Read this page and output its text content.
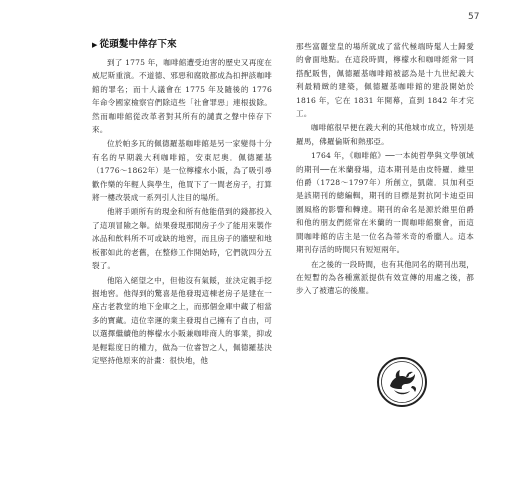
57
▶ 從頭髮中倖存下來

到了 1775 年，咖啡館遭受迫害的歷史又再度在威尼斯重演。不道德、邪惡和腐敗都成為扣押該咖啡館的罪名；而十人議會在 1775 年及隨後的 1776 年命令國家檢察官們除這些「社會罪惡」連根拔除。然而咖啡館從改革者對其所有的譴責之聲中倖存下來。

位於帕多瓦的佩德羅基咖啡館是另一家變得十分有名的早期義大利咖啡館，安東尼奧．佩德羅基（1776～1862年）是一位檸檬水小販，為了吸引尋歡作樂的年輕人與學生，他買下了一間老房子，打算將一樓改裝成一系列引人注目的場所。

他將手頭所有的現金和所有他能借到的錢都投入了這項冒險之舉。結果發現那間房子少了能用來製作冰品和飲料所不可或缺的地窖，而且房子的牆壁和地板都如此的老舊，在整修工作開始時，它們就四分五裂了。

他陷入絕望之中，但他沒有氣餒，並決定親手挖掘地窖。他得到的驚喜是他發現這棟老房子是建在一座古老教堂的地下金庫之上，而那個金庫中藏了相當多的寶藏。這位幸運的業主發現自己擁有了自由，可以選擇繼續他的檸檬水小販兼咖啡商人的事業，抑或是輕鬆度日的權力，做為一位睿智之人，佩德羅基決定堅持他原來的計畫：很快地，他

那些富麗堂皇的場所就成了當代極端時髦人士歸愛的會面地點。在這段時間，檸檬水和咖啡經常一同搭配販售，佩德羅基咖啡館被認為是十九世紀義大利最精緻的建築，佩德羅基咖啡館的建設開始於 1816 年，它在 1831 年開幕，直到 1842 年才完工。

咖啡館很早便在義大利的其他城市成立，特別是羅馬，佛羅倫斯和熱那亞。

1764 年，《咖啡館》──一本純哲學與文學領域的期刊──在米蘭發場，這本期刊是由皮特羅．維里伯爵（1728～1797年）所創立，凱薩．貝加利亞是該期刊的總編輯，期刊的目標是對抗阿卡迪亞田園風格的影響和轉達。期刊的命名是源於維里伯爵和他的朋友們經常在米蘭的一間咖啡館聚會，而這間咖啡館的店主是一位名為蒂米奇的希臘人。這本期刊存活的時間只有短短兩年。

在之後的一段時間，也有其他同名的期刊出現，在短暫的為各種黨派提供有效宣傳的用處之後，都步入了被遺忘的後塵。
